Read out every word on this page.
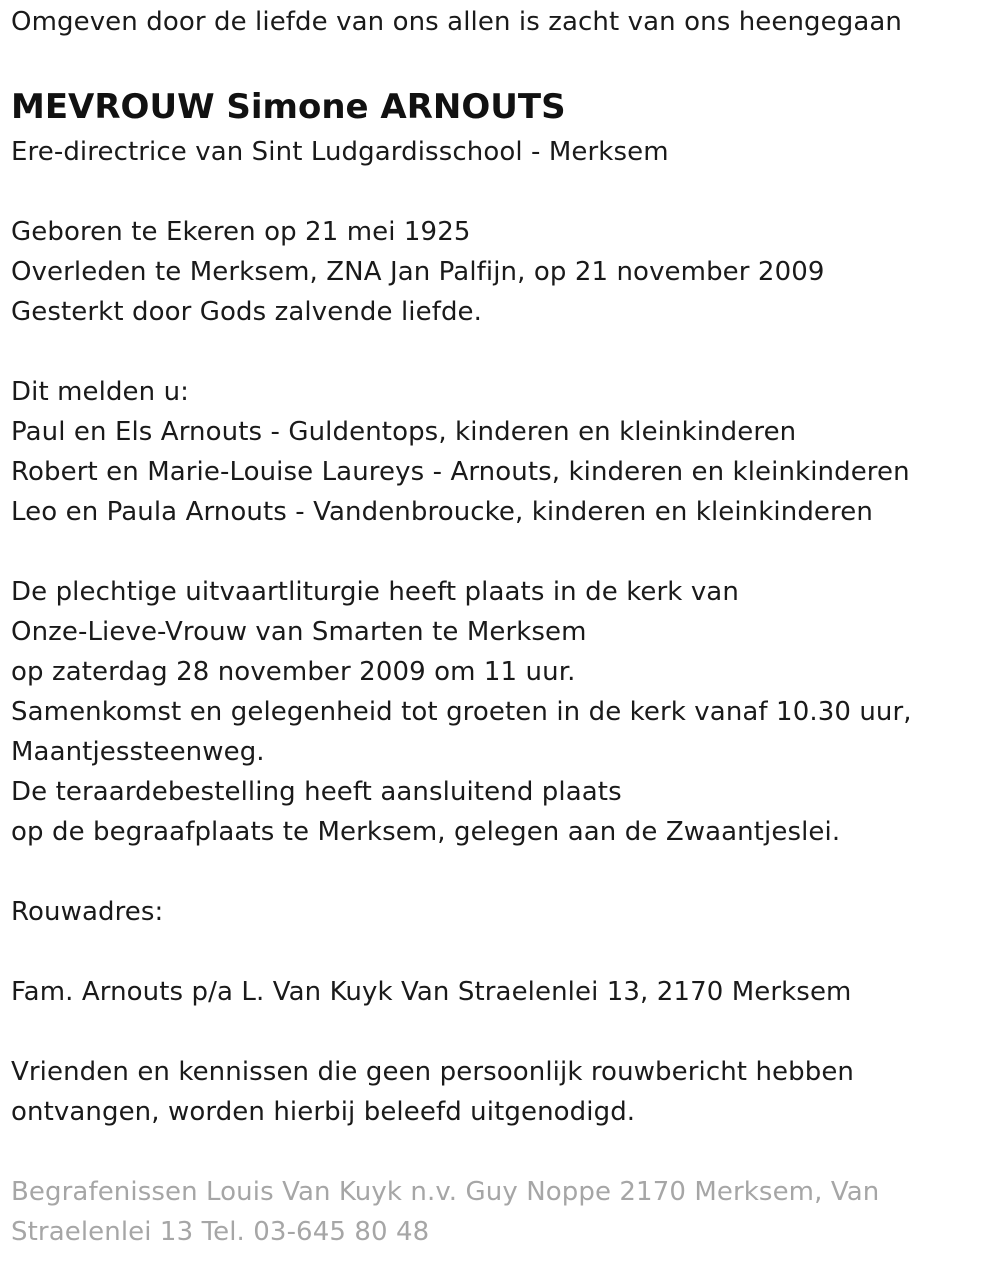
Omgeven door de liefde van ons allen is zacht van ons heengegaan
MEVROUW Simone ARNOUTS
Ere-directrice van Sint Ludgardisschool - Merksem
Geboren te Ekeren op 21 mei 1925
Overleden te Merksem, ZNA Jan Palfijn, op 21 november 2009
Gesterkt door Gods zalvende liefde.
Dit melden u:
Paul en Els Arnouts - Guldentops, kinderen en kleinkinderen
Robert en Marie-Louise Laureys - Arnouts, kinderen en kleinkinderen
Leo en Paula Arnouts - Vandenbroucke, kinderen en kleinkinderen
De plechtige uitvaartliturgie heeft plaats in de kerk van
Onze-Lieve-Vrouw van Smarten te Merksem
op zaterdag 28 november 2009 om 11 uur.
Samenkomst en gelegenheid tot groeten in de kerk vanaf 10.30 uur,
Maantjessteenweg.
De teraardebestelling heeft aansluitend plaats
op de begraafplaats te Merksem, gelegen aan de Zwaantjeslei.
Rouwadres:
Fam. Arnouts p/a L. Van Kuyk Van Straelenlei 13, 2170 Merksem
Vrienden en kennissen die geen persoonlijk rouwbericht hebben
ontvangen, worden hierbij beleefd uitgenodigd.
Begrafenissen Louis Van Kuyk n.v. Guy Noppe 2170 Merksem, Van
Straelenlei 13 Tel. 03-645 80 48
